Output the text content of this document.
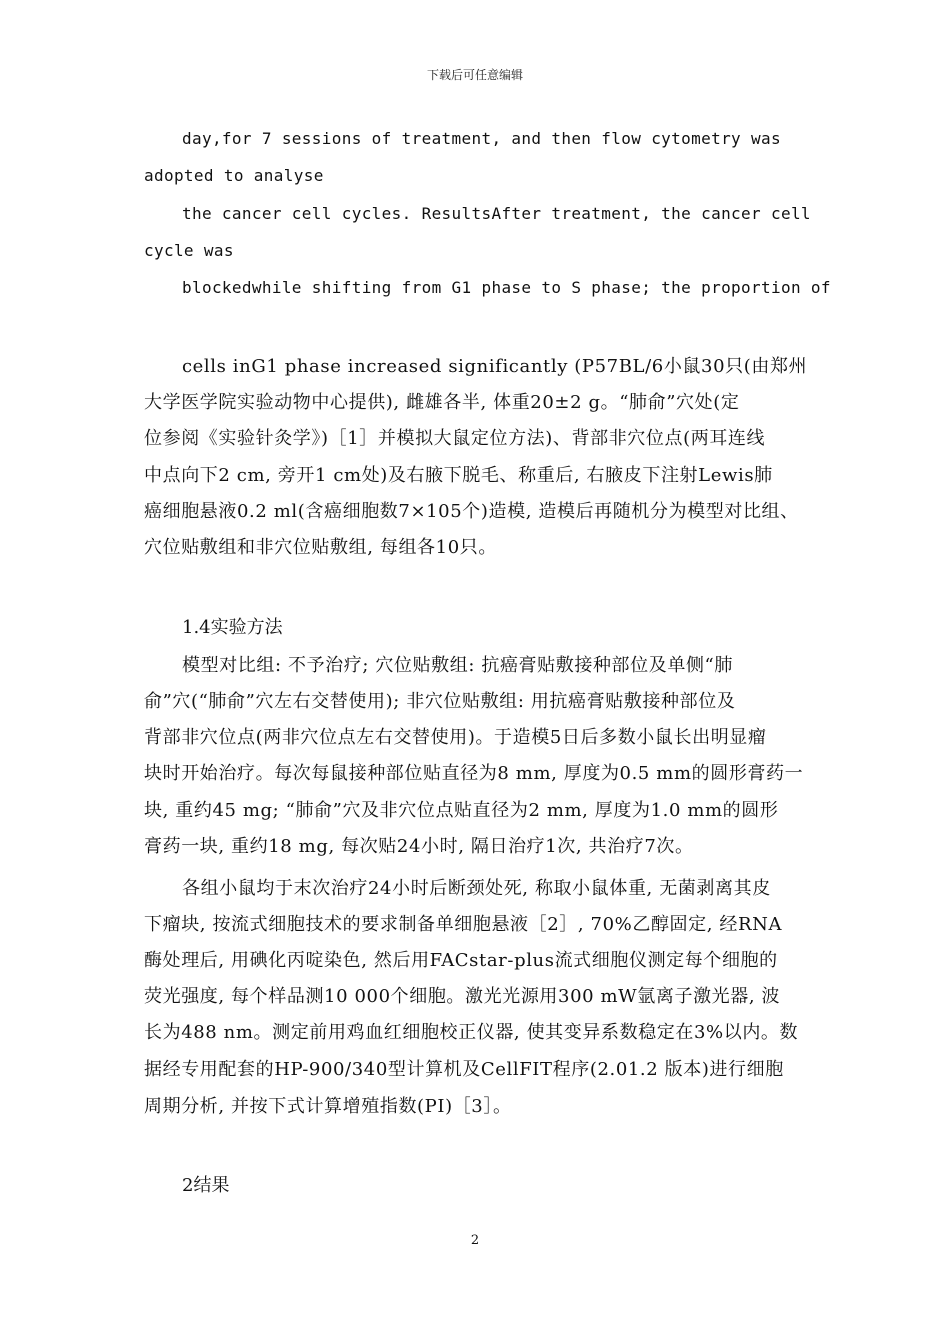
下载后可任意编辑
day,for 7 sessions of treatment, and then flow cytometry was
adopted to analyse
the cancer cell cycles. ResultsAfter treatment, the cancer cell
cycle was
blockedwhile shifting from G1 phase to S phase; the proportion of
cells inG1 phase increased significantly (P57BL/6小鼠30只(由郑州
大学医学院实验动物中心提供), 雌雄各半, 体重20±2 g。“肺俞”穴处(定
位参阅《实验针灸学》)［1］并模拟大鼠定位方法)、背部非穴位点(两耳连线
中点向下2 cm, 旁开1 cm处)及右腋下脱毛、称重后, 右腋皮下注射Lewis肺
癌细胞悬液0.2 ml(含癌细胞数7×105个)造模, 造模后再随机分为模型对比组、
穴位贴敷组和非穴位贴敷组, 每组各10只。
1.4实验方法
模型对比组: 不予治疗; 穴位贴敷组: 抗癌膏贴敷接种部位及单侧“肺
俞”穴(“肺俞”穴左右交替使用); 非穴位贴敷组: 用抗癌膏贴敷接种部位及
背部非穴位点(两非穴位点左右交替使用)。于造模5日后多数小鼠长出明显瘤
块时开始治疗。每次每鼠接种部位贴直径为8 mm, 厚度为0.5 mm的圆形膏药一
块, 重约45 mg; “肺俞”穴及非穴位点贴直径为2 mm, 厚度为1.0 mm的圆形
膏药一块, 重约18 mg, 每次贴24小时, 隔日治疗1次, 共治疗7次。
各组小鼠均于末次治疗24小时后断颈处死, 称取小鼠体重, 无菌剥离其皮
下瘤块, 按流式细胞技术的要求制备单细胞悬液［2］, 70%乙醇固定, 经RNA
酶处理后, 用碘化丙啶染色, 然后用FACstar-plus流式细胞仪测定每个细胞的
荧光强度, 每个样品测10 000个细胞。激光光源用300 mW氩离子激光器, 波
长为488 nm。测定前用鸡血红细胞校正仪器, 使其变异系数稳定在3%以内。数
据经专用配套的HP-900/340型计算机及CellFIT程序(2.01.2 版本)进行细胞
周期分析, 并按下式计算增殖指数(PI)［3］。
2结果
2
